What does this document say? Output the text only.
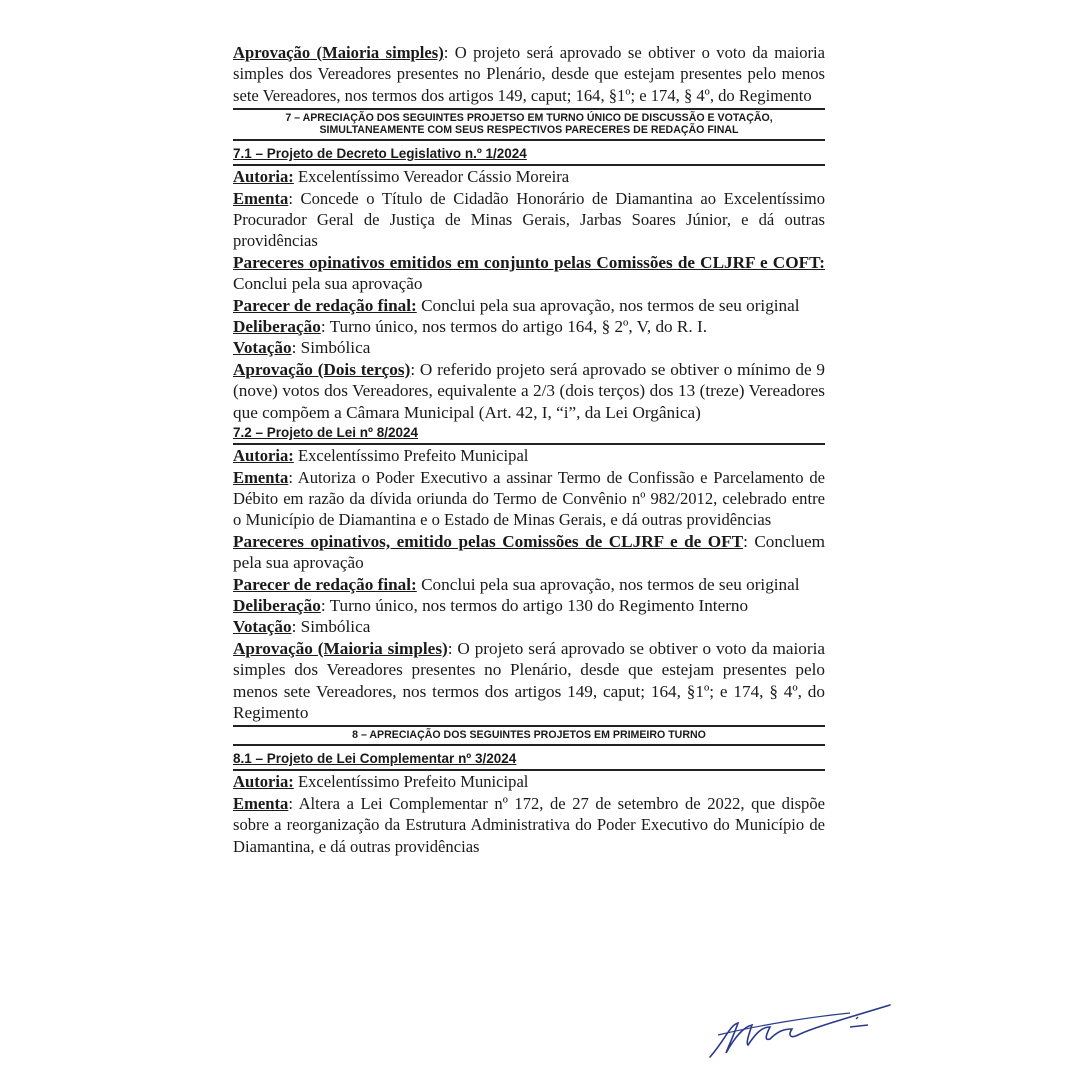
Aprovação (Maioria simples): O projeto será aprovado se obtiver o voto da maioria simples dos Vereadores presentes no Plenário, desde que estejam presentes pelo menos sete Vereadores, nos termos dos artigos 149, caput; 164, §1º; e 174, § 4º, do Regimento

7 – APRECIAÇÃO DOS SEGUINTES PROJETSO EM TURNO ÚNICO DE DISCUSSÃO E VOTAÇÃO, SIMULTANEAMENTE COM SEUS RESPECTIVOS PARECERES DE REDAÇÃO FINAL
7.1 – Projeto de Decreto Legislativo n.º 1/2024

Autoria: Excelentíssimo Vereador Cássio Moreira

Ementa: Concede o Título de Cidadão Honorário de Diamantina ao Excelentíssimo Procurador Geral de Justiça de Minas Gerais, Jarbas Soares Júnior, e dá outras providências

Pareceres opinativos emitidos em conjunto pelas Comissões de CLJRF e COFT: Conclui pela sua aprovação

Parecer de redação final: Conclui pela sua aprovação, nos termos de seu original

Deliberação: Turno único, nos termos do artigo 164, § 2º, V, do R. I.

Votação: Simbólica

Aprovação (Dois terços): O referido projeto será aprovado se obtiver o mínimo de 9 (nove) votos dos Vereadores, equivalente a 2/3 (dois terços) dos 13 (treze) Vereadores que compõem a Câmara Municipal (Art. 42, I, “i”, da Lei Orgânica)

7.2 – Projeto de Lei nº 8/2024

Autoria: Excelentíssimo Prefeito Municipal

Ementa: Autoriza o Poder Executivo a assinar Termo de Confissão e Parcelamento de Débito em razão da dívida oriunda do Termo de Convênio nº 982/2012, celebrado entre o Município de Diamantina e o Estado de Minas Gerais, e dá outras providências

Pareceres opinativos, emitido pelas Comissões de CLJRF e de OFT: Concluem pela sua aprovação

Parecer de redação final: Conclui pela sua aprovação, nos termos de seu original

Deliberação: Turno único, nos termos do artigo 130 do Regimento Interno

Votação: Simbólica

Aprovação (Maioria simples): O projeto será aprovado se obtiver o voto da maioria simples dos Vereadores presentes no Plenário, desde que estejam presentes pelo menos sete Vereadores, nos termos dos artigos 149, caput; 164, §1º; e 174, § 4º, do Regimento

8 – APRECIAÇÃO DOS SEGUINTES PROJETOS EM PRIMEIRO TURNO
8.1 – Projeto de Lei Complementar nº 3/2024

Autoria: Excelentíssimo Prefeito Municipal

Ementa: Altera a Lei Complementar nº 172, de 27 de setembro de 2022, que dispõe sobre a reorganização da Estrutura Administrativa do Poder Executivo do Município de Diamantina, e dá outras providências
